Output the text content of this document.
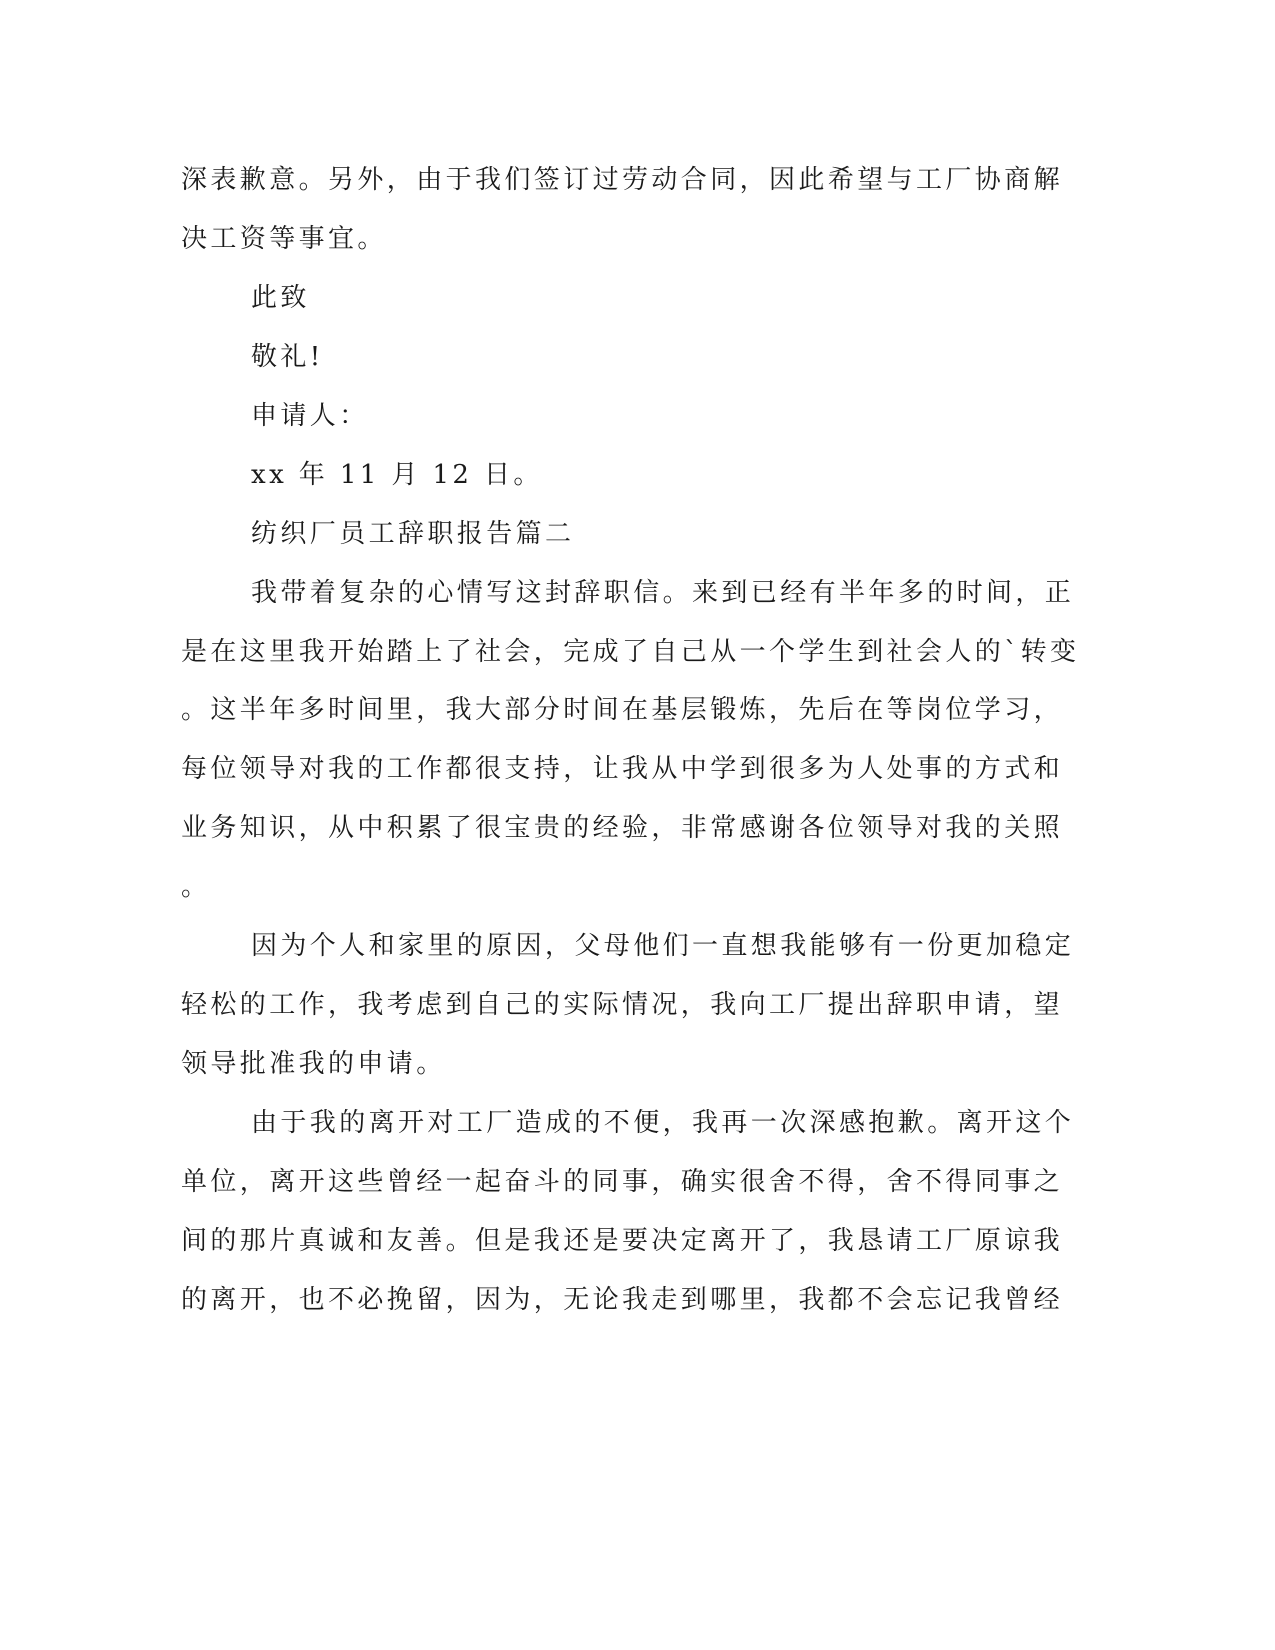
深表歉意。另外，由于我们签订过劳动合同，因此希望与工厂协商解
决工资等事宜。
此致
敬礼!
申请人：
xx 年 11 月 12 日。
纺织厂员工辞职报告篇二
我带着复杂的心情写这封辞职信。来到已经有半年多的时间，正
是在这里我开始踏上了社会，完成了自己从一个学生到社会人的`转变
。这半年多时间里，我大部分时间在基层锻炼，先后在等岗位学习，
每位领导对我的工作都很支持，让我从中学到很多为人处事的方式和
业务知识，从中积累了很宝贵的经验，非常感谢各位领导对我的关照
。
因为个人和家里的原因，父母他们一直想我能够有一份更加稳定
轻松的工作，我考虑到自己的实际情况，我向工厂提出辞职申请，望
领导批准我的申请。
由于我的离开对工厂造成的不便，我再一次深感抱歉。离开这个
单位，离开这些曾经一起奋斗的同事，确实很舍不得，舍不得同事之
间的那片真诚和友善。但是我还是要决定离开了，我恳请工厂原谅我
的离开，也不必挽留，因为，无论我走到哪里，我都不会忘记我曾经
